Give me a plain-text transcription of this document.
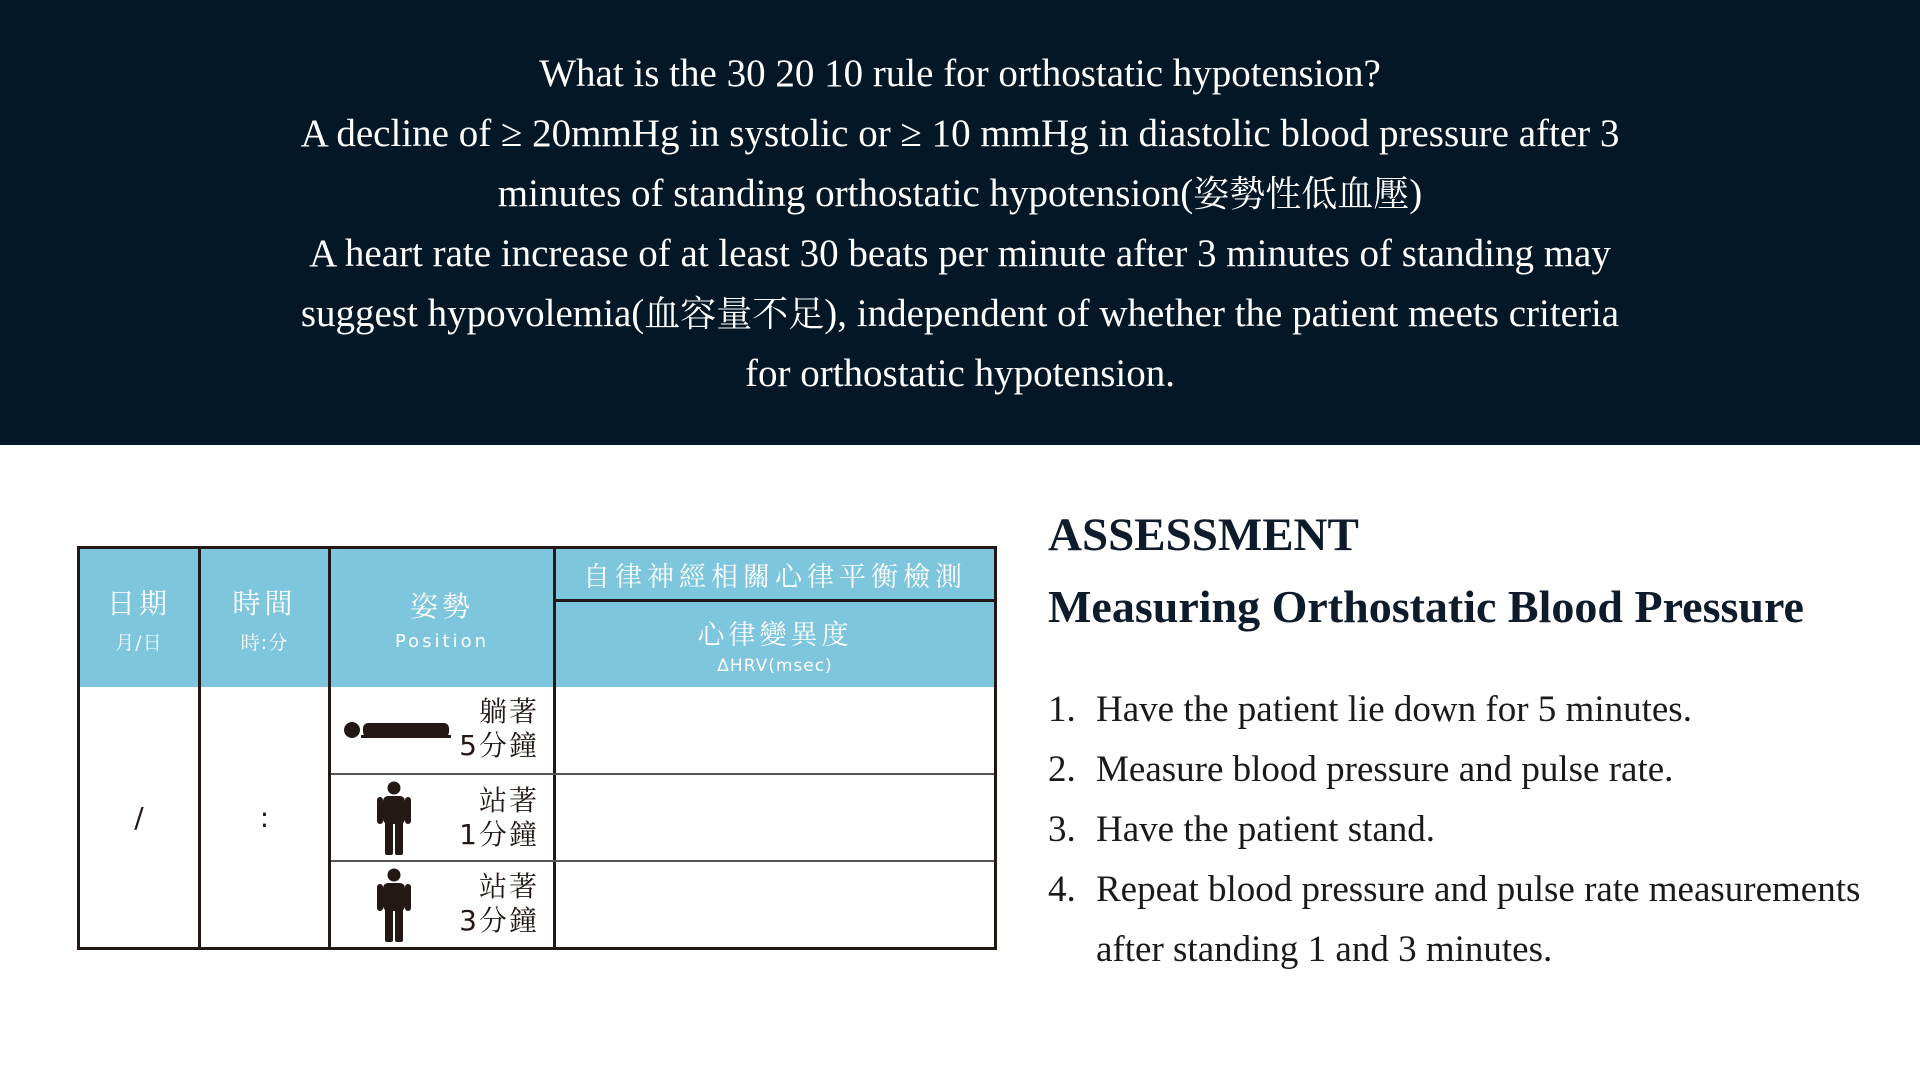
What is the 30 20 10 rule for orthostatic hypotension?
A decline of ≥ 20mmHg in systolic or ≥ 10 mmHg in diastolic blood pressure after 3
minutes of standing orthostatic hypotension(姿勢性低血壓)
A heart rate increase of at least 30 beats per minute after 3 minutes of standing may
suggest hypovolemia(血容量不足), independent of whether the patient meets criteria
for orthostatic hypotension.
日期
月/日
時間
時:分
姿勢
Position
自律神經相關心律平衡檢測
心律變異度
ΔHRV(msec)
/	:
躺著
5分鐘
站著
1分鐘
站著
3分鐘
ASSESSMENT
Measuring Orthostatic Blood Pressure
1. Have the patient lie down for 5 minutes.
2. Measure blood pressure and pulse rate.
3. Have the patient stand.
4. Repeat blood pressure and pulse rate measurements after standing 1 and 3 minutes.
